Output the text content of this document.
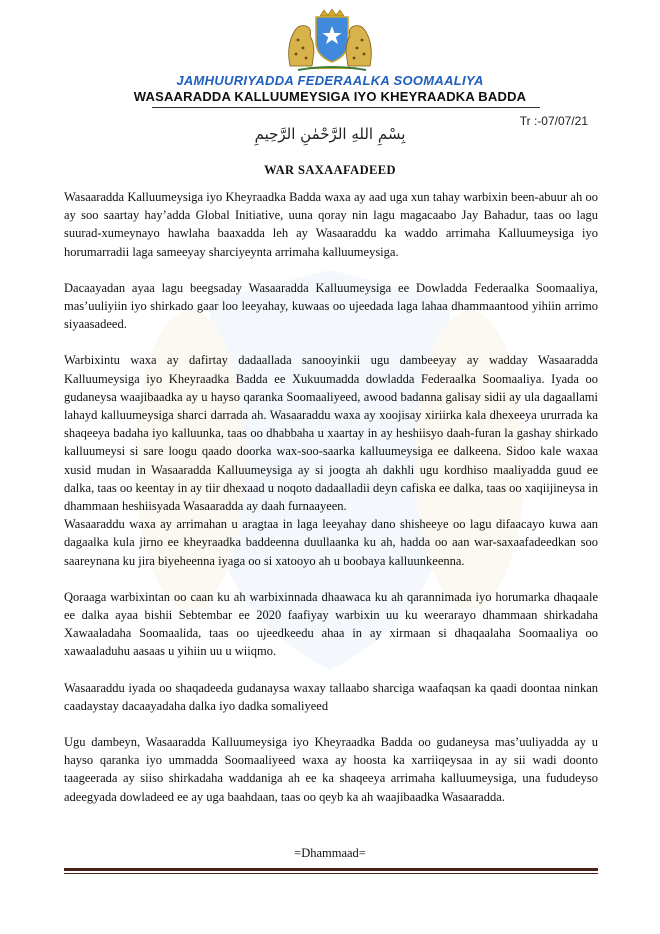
JAMHUURIYADDA FEDERAALKA SOOMAALIYA
WASAARADDA KALLUUMEYSIGA IYO KHEYRAADKA BADDA
Tr :-07/07/21
بِسْمِ اللهِ الرَّحْمٰنِ الرَّحِيمِ
WAR SAXAAFADEED

Wasaaradda Kalluumeysiga iyo Kheyraadka Badda waxa ay aad uga xun tahay warbixin been-abuur ah oo ay soo saartay hay’adda Global Initiative, uuna qoray nin lagu magacaabo Jay Bahadur, taas oo lagu suurad-xumeynayo hawlaha baaxadda leh ay Wasaaraddu ka waddo arrimaha Kalluumeysiga iyo horumarradii laga sameeyay sharciyeynta arrimaha kalluumeysiga.

Dacaayadan ayaa lagu beegsaday Wasaaradda Kalluumeysiga ee Dowladda Federaalka Soomaaliya, mas’uuliyiin iyo shirkado gaar loo leeyahay, kuwaas oo ujeedada laga lahaa dhammaantood yihiin arrimo siyaasadeed.

Warbixintu waxa ay dafirtay dadaallada sanooyinkii ugu dambeeyay ay wadday Wasaaradda Kalluumeysiga iyo Kheyraadka Badda ee Xukuumadda dowladda Federaalka Soomaaliya. Iyada oo gudaneysa waajibaadka ay u hayso qaranka Soomaaliyeed, awood badanna galisay sidii ay ula dagaallami lahayd kalluumeysiga sharci darrada ah. Wasaaraddu waxa ay xoojisay xiriirka kala dhexeeya ururrada ka shaqeeya badaha iyo kalluunka, taas oo dhabbaha u xaartay in ay heshiisyo daah-furan la gashay shirkado kalluumeysi si sare loogu qaado doorka wax-soo-saarka kalluumeysiga ee dalkeena. Sidoo kale waxaa xusid mudan in Wasaaradda Kalluumeysiga ay si joogta ah dakhli ugu kordhiso maaliyadda guud ee dalka, taas oo keentay in ay tiir dhexaad u noqoto dadaalladii deyn cafiska ee dalka, taas oo xaqiijineysa in dhammaan heshiisyada Wasaaradda ay daah furnaayeen.

Wasaaraddu waxa ay arrimahan u aragtaa in laga leeyahay dano shisheeye oo lagu difaacayo kuwa aan dagaalka kula jirno ee kheyraadka baddeenna duullaanka ku ah, hadda oo aan war-saxaafadeedkan soo saareynana ku jira biyeheenna iyaga oo si xatooyo ah u boobaya kalluunkeenna.

Qoraaga warbixintan oo caan ku ah warbixinnada dhaawaca ku ah qarannimada iyo horumarka dhaqaale ee dalka ayaa bishii Sebtembar ee 2020 faafiyay warbixin uu ku weerarayo dhammaan shirkadaha Xawaaladaha Soomaalida, taas oo ujeedkeedu ahaa in ay xirmaan si dhaqaalaha Soomaaliya oo xawaaladuhu aasaas u yihiin uu u wiiqmo.

Wasaaraddu iyada oo shaqadeeda gudanaysa waxay tallaabo sharciga waafaqsan ka qaadi doontaa ninkan caadaystay dacaayadaha dalka iyo dadka somaliyeed

Ugu dambeyn, Wasaaradda Kalluumeysiga iyo Kheyraadka Badda oo gudaneysa mas’uuliyadda ay u hayso qaranka iyo ummadda Soomaaliyeed waxa ay hoosta ka xarriiqeysaa in ay sii wadi doonto taageerada ay siiso shirkadaha waddaniga ah ee ka shaqeeya arrimaha kalluumeysiga, una fududeyso adeegyada dowladeed ee ay uga baahdaan, taas oo qeyb ka ah waajibaadka Wasaaradda.

=Dhammaad=
